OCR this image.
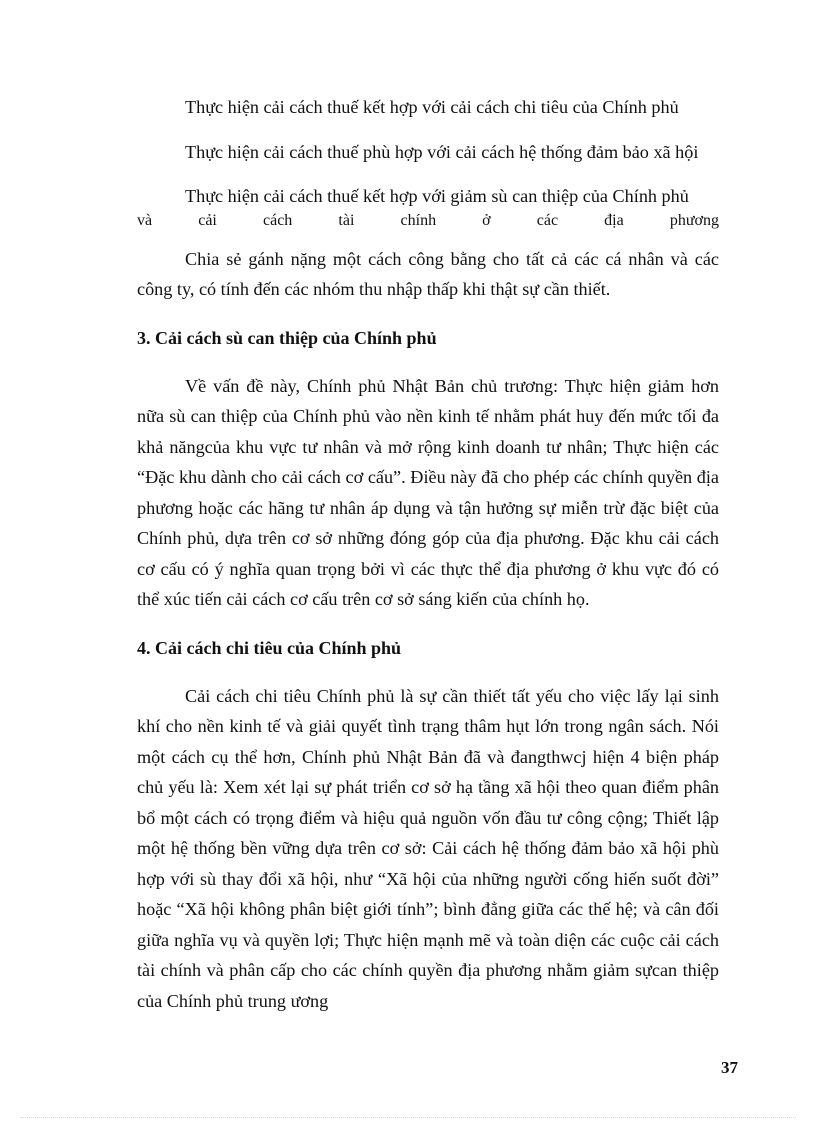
Thực hiện cải cách thuế kết hợp với cải cách chi tiêu của Chính phủ

Thực hiện cải cách thuế phù hợp với cải cách hệ thống đảm bảo xã hội

Thực hiện cải cách thuế kết hợp với giảm sù can thiệp của Chính phủ

và	cải	cách	tài	chính	ở	các	địa	phương

Chia sẻ gánh nặng một cách công bằng cho tất cả các cá nhân và các công ty, có tính đến các nhóm thu nhập thấp khi thật sự cần thiết.

3. Cải cách sù can thiệp của Chính phủ

Về vấn đề này, Chính phủ Nhật Bản chủ trương: Thực hiện giảm hơn nữa sù can thiệp của Chính phủ vào nền kinh tế nhằm phát huy đến mức tối đa khả năngcủa khu vực tư nhân và mở rộng kinh doanh tư nhân; Thực hiện các “Đặc khu dành cho cải cách cơ cấu”. Điều này đã cho phép các chính quyền địa phương hoặc các hãng tư nhân áp dụng và tận hưởng sự miễn trừ đặc biệt của Chính phủ, dựa trên cơ sở những đóng góp của địa phương. Đặc khu cải cách cơ cấu có ý nghĩa quan trọng bởi vì các thực thể địa phương ở khu vực đó có thể xúc tiến cải cách cơ cấu trên cơ sở sáng kiến của chính họ.

4. Cải cách chi tiêu của Chính phủ

Cải cách chi tiêu Chính phủ là sự cần thiết tất yếu cho việc lấy lại sinh khí cho nền kinh tế và giải quyết tình trạng thâm hụt lớn trong ngân sách. Nói một cách cụ thể hơn, Chính phủ Nhật Bản đã và đangthwcj hiện 4 biện pháp chủ yếu là: Xem xét lại sự phát triển cơ sở hạ tầng xã hội theo quan điểm phân bổ một cách có trọng điểm và hiệu quả nguồn vốn đầu tư công cộng; Thiết lập một hệ thống bền vững dựa trên cơ sở: Cải cách hệ thống đảm bảo xã hội phù hợp với sù thay đổi xã hội, như “Xã hội của những người cống hiến suốt đời” hoặc “Xã hội không phân biệt giới tính”; bình đẳng giữa các thế hệ; và cân đối giữa nghĩa vụ và quyền lợi; Thực hiện mạnh mẽ và toàn diện các cuộc cải cách tài chính và phân cấp cho các chính quyền địa phương nhằm giảm sựcan thiệp của Chính phủ trung ương

37
